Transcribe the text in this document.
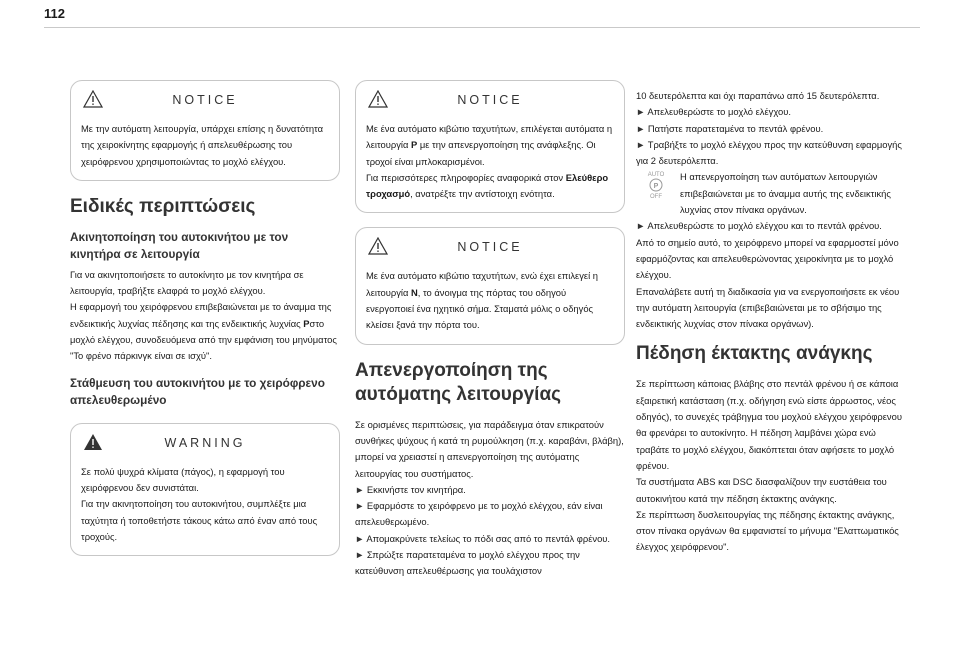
112
NOTICE

Με την αυτόματη λειτουργία, υπάρχει επίσης η δυνατότητα της χειροκίνητης εφαρμογής ή απελευθέρωσης του χειρόφρενου χρησιμοποιώντας το μοχλό ελέγχου.

Ειδικές περιπτώσεις
Ακινητοποίηση του αυτοκινήτου με τον κινητήρα σε λειτουργία

Για να ακινητοποιήσετε το αυτοκίνητο με τον κινητήρα σε λειτουργία, τραβήξτε ελαφρά το μοχλό ελέγχου.

Η εφαρμογή του χειρόφρενου επιβεβαιώνεται με το άναμμα της ενδεικτικής λυχνίας πέδησης και της ενδεικτικής λυχνίας Pστο μοχλό ελέγχου, συνοδευόμενα από την εμφάνιση του μηνύματος "Το φρένο πάρκινγκ είναι σε ισχύ".

Στάθμευση του αυτοκινήτου με το χειρόφρενο απελευθερωμένο
WARNING

Σε πολύ ψυχρά κλίματα (πάγος), η εφαρμογή του χειρόφρενου δεν συνιστάται.

Για την ακινητοποίηση του αυτοκινήτου, συμπλέξτε μια ταχύτητα ή τοποθετήστε τάκους κάτω από έναν από τους τροχούς.

NOTICE

Με ένα αυτόματο κιβώτιο ταχυτήτων, επιλέγεται αυτόματα η λειτουργία P με την απενεργοποίηση της ανάφλεξης. Οι τροχοί είναι μπλοκαρισμένοι.

Για περισσότερες πληροφορίες αναφορικά στον Ελεύθερο τροχασμό, ανατρέξτε την αντίστοιχη ενότητα.

NOTICE

Με ένα αυτόματο κιβώτιο ταχυτήτων, ενώ έχει επιλεγεί η λειτουργία N, το άνοιγμα της πόρτας του οδηγού ενεργοποιεί ένα ηχητικό σήμα. Σταματά μόλις ο οδηγός κλείσει ξανά την πόρτα του.

Απενεργοποίηση της αυτόματης λειτουργίας

Σε ορισμένες περιπτώσεις, για παράδειγμα όταν επικρατούν συνθήκες ψύχους ή κατά τη ρυμούλκηση (π.χ. καραβάνι, βλάβη), μπορεί να χρειαστεί η απενεργοποίηση της αυτόματης λειτουργίας του συστήματος.

► Εκκινήστε τον κινητήρα.

► Εφαρμόστε το χειρόφρενο με το μοχλό ελέγχου, εάν είναι απελευθερωμένο.

► Απομακρύνετε τελείως το πόδι σας από το πεντάλ φρένου.

► Σπρώξτε παρατεταμένα το μοχλό ελέγχου προς την κατεύθυνση απελευθέρωσης για τουλάχιστον

10 δευτερόλεπτα και όχι παραπάνω από 15 δευτερόλεπτα.

► Απελευθερώστε το μοχλό ελέγχου.

► Πατήστε παρατεταμένα το πεντάλ φρένου.

► Τραβήξτε το μοχλό ελέγχου προς την κατεύθυνση εφαρμογής για 2 δευτερόλεπτα.

AUTO
P
OFF

Η απενεργοποίηση των αυτόματων λειτουργιών επιβεβαιώνεται με το άναμμα αυτής της ενδεικτικής λυχνίας στον πίνακα οργάνων.

► Απελευθερώστε το μοχλό ελέγχου και το πεντάλ φρένου.

Από το σημείο αυτό, το χειρόφρενο μπορεί να εφαρμοστεί μόνο εφαρμόζοντας και απελευθερώνοντας χειροκίνητα με το μοχλό ελέγχου.

Επαναλάβετε αυτή τη διαδικασία για να ενεργοποιήσετε εκ νέου την αυτόματη λειτουργία (επιβεβαιώνεται με το σβήσιμο της ενδεικτικής λυχνίας στον πίνακα οργάνων).

Πέδηση έκτακτης ανάγκης

Σε περίπτωση κάποιας βλάβης στο πεντάλ φρένου ή σε κάποια εξαιρετική κατάσταση (π.χ. οδήγηση ενώ είστε άρρωστος, νέος οδηγός), το συνεχές τράβηγμα του μοχλού ελέγχου χειρόφρενου θα φρενάρει το αυτοκίνητο. Η πέδηση λαμβάνει χώρα ενώ τραβάτε το μοχλό ελέγχου, διακόπτεται όταν αφήσετε το μοχλό φρένου.

Τα συστήματα ABS και DSC διασφαλίζουν την ευστάθεια του αυτοκινήτου κατά την πέδηση έκτακτης ανάγκης.

Σε περίπτωση δυσλειτουργίας της πέδησης έκτακτης ανάγκης, στον πίνακα οργάνων θα εμφανιστεί το μήνυμα "Ελαττωματικός έλεγχος χειρόφρενου".
